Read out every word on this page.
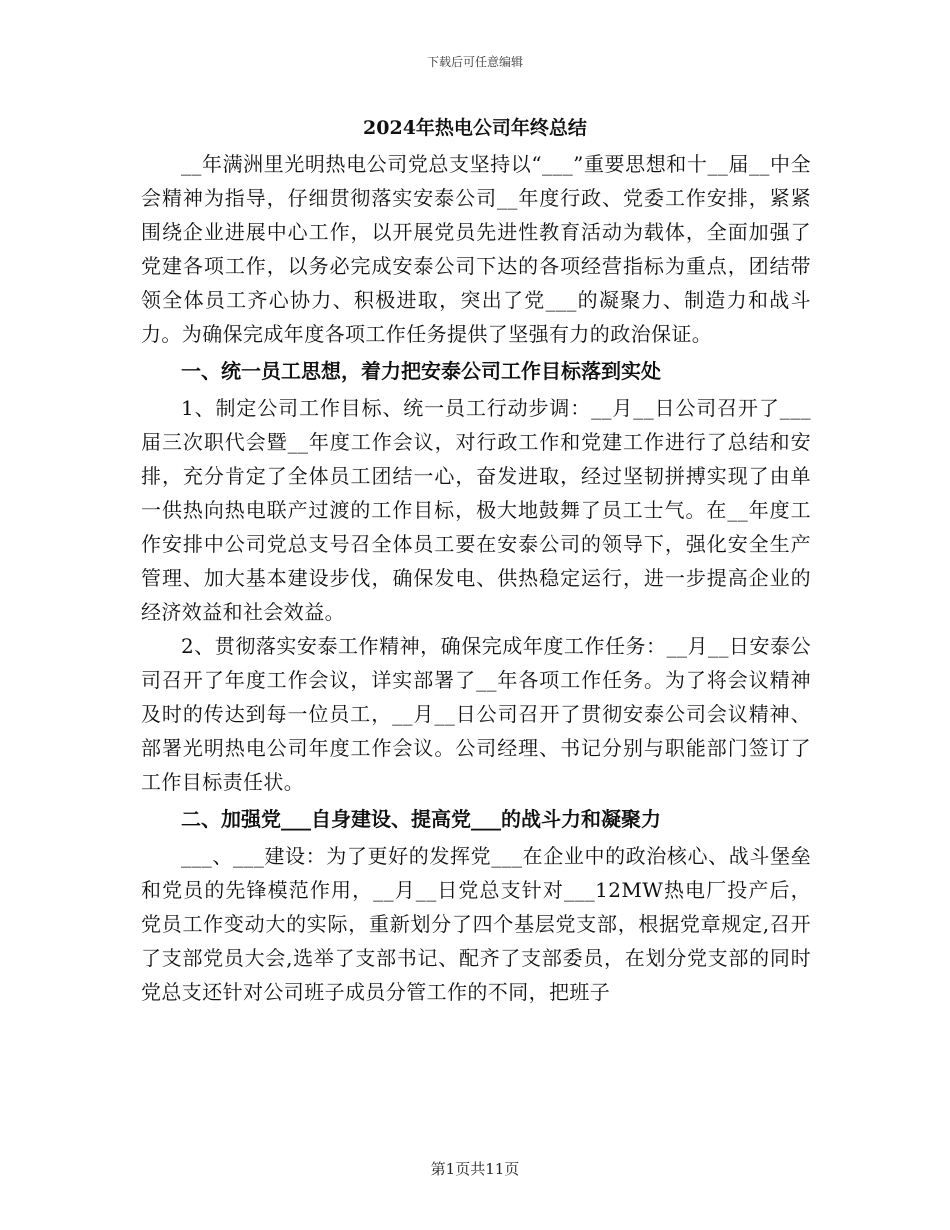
下载后可任意编辑
2024年热电公司年终总结

__年满洲里光明热电公司党总支坚持以“___”重要思想和十__届__中全会精神为指导，仔细贯彻落实安泰公司__年度行政、党委工作安排，紧紧围绕企业进展中心工作，以开展党员先进性教育活动为载体，全面加强了党建各项工作，以务必完成安泰公司下达的各项经营指标为重点，团结带领全体员工齐心协力、积极进取，突出了党___的凝聚力、制造力和战斗力。为确保完成年度各项工作任务提供了坚强有力的政治保证。

一、统一员工思想，着力把安泰公司工作目标落到实处

1、制定公司工作目标、统一员工行动步调：__月__日公司召开了___届三次职代会暨__年度工作会议，对行政工作和党建工作进行了总结和安排，充分肯定了全体员工团结一心，奋发进取，经过坚韧拼搏实现了由单一供热向热电联产过渡的工作目标，极大地鼓舞了员工士气。在__年度工作安排中公司党总支号召全体员工要在安泰公司的领导下，强化安全生产管理、加大基本建设步伐，确保发电、供热稳定运行，进一步提高企业的经济效益和社会效益。

2、贯彻落实安泰工作精神，确保完成年度工作任务：__月__日安泰公司召开了年度工作会议，详实部署了__年各项工作任务。为了将会议精神及时的传达到每一位员工，__月__日公司召开了贯彻安泰公司会议精神、部署光明热电公司年度工作会议。公司经理、书记分别与职能部门签订了工作目标责任状。

二、加强党___自身建设、提高党___的战斗力和凝聚力

___、___建设：为了更好的发挥党___在企业中的政治核心、战斗堡垒和党员的先锋模范作用，__月__日党总支针对___12MW热电厂投产后，党员工作变动大的实际，重新划分了四个基层党支部，根据党章规定,召开了支部党员大会,选举了支部书记、配齐了支部委员，在划分党支部的同时党总支还针对公司班子成员分管工作的不同，把班子

第1页共11页
